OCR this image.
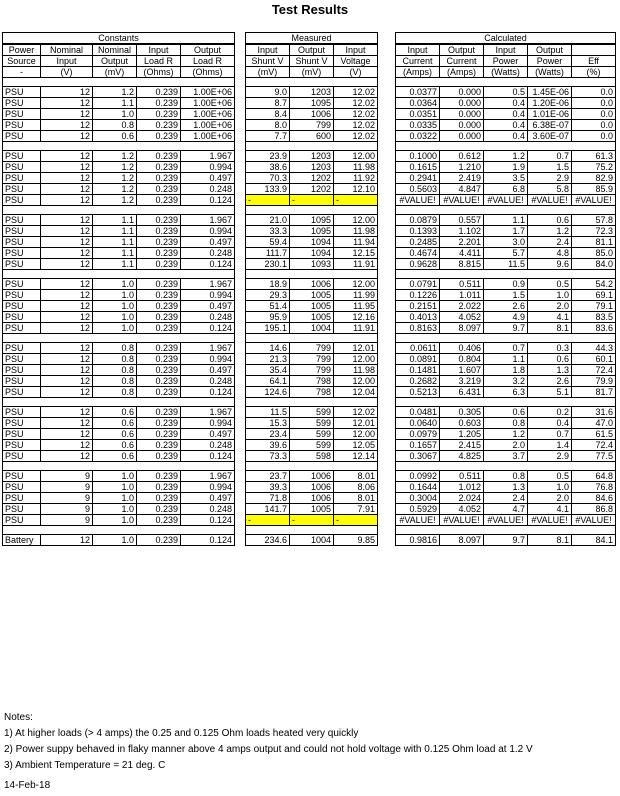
Test Results
Constants				
Power	Nominal	Nominal	Input	Output
Source	Input	Output	Load R	Load R
-	(V)	(mV)	(Ohms)	(Ohms)

PSU	12	1.2	0.239	1.00E+06
PSU	12	1.1	0.239	1.00E+06
PSU	12	1.0	0.239	1.00E+06
PSU	12	0.8	0.239	1.00E+06
PSU	12	0.6	0.239	1.00E+06

PSU	12	1.2	0.239	1.967
PSU	12	1.2	0.239	0.994
PSU	12	1.2	0.239	0.497
PSU	12	1.2	0.239	0.248
PSU	12	1.2	0.239	0.124

PSU	12	1.1	0.239	1.967
PSU	12	1.1	0.239	0.994
PSU	12	1.1	0.239	0.497
PSU	12	1.1	0.239	0.248
PSU	12	1.1	0.239	0.124

PSU	12	1.0	0.239	1.967
PSU	12	1.0	0.239	0.994
PSU	12	1.0	0.239	0.497
PSU	12	1.0	0.239	0.248
PSU	12	1.0	0.239	0.124

PSU	12	0.8	0.239	1.967
PSU	12	0.8	0.239	0.994
PSU	12	0.8	0.239	0.497
PSU	12	0.8	0.239	0.248
PSU	12	0.8	0.239	0.124

PSU	12	0.6	0.239	1.967
PSU	12	0.6	0.239	0.994
PSU	12	0.6	0.239	0.497
PSU	12	0.6	0.239	0.248
PSU	12	0.6	0.239	0.124

PSU	9	1.0	0.239	1.967
PSU	9	1.0	0.239	0.994
PSU	9	1.0	0.239	0.497
PSU	9	1.0	0.239	0.248
PSU	9	1.0	0.239	0.124

Battery	12	1.0	0.239	0.124
Measured		
Input	Output	Input
Shunt V	Shunt V	Voltage
(mV)	(mV)	(V)

9.0	1203	12.02
8.7	1095	12.02
8.4	1006	12.02
8.0	799	12.02
7.7	600	12.02

23.9	1203	12.00
38.6	1203	11.98
70.3	1202	11.92
133.9	1202	12.10
-	-	-

21.0	1095	12.00
33.3	1095	11.98
59.4	1094	11.94
111.7	1094	12.15
230.1	1093	11.91

18.9	1006	12.00
29.3	1005	11.99
51.4	1005	11.95
95.9	1005	12.16
195.1	1004	11.91

14.6	799	12.01
21.3	799	12.00
35.4	799	11.98
64.1	798	12.00
124.6	798	12.04

11.5	599	12.02
15.3	599	12.01
23.4	599	12.00
39.6	599	12.05
73.3	598	12.14

23.7	1006	8.01
39.3	1006	8.06
71.8	1006	8.01
141.7	1005	7.91
-	-	-

234.6	1004	9.85
Calculated				
Input	Output	Input	Output	
Current	Current	Power	Power	Eff
(Amps)	(Amps)	(Watts)	(Watts)	(%)

0.0377	0.000	0.5	1.45E-06	0.0
0.0364	0.000	0.4	1.20E-06	0.0
0.0351	0.000	0.4	1.01E-06	0.0
0.0335	0.000	0.4	6.38E-07	0.0
0.0322	0.000	0.4	3.60E-07	0.0

0.1000	0.612	1.2	0.7	61.3
0.1615	1.210	1.9	1.5	75.2
0.2941	2.419	3.5	2.9	82.9
0.5603	4.847	6.8	5.8	85.9
#VALUE!	#VALUE!	#VALUE!	#VALUE!	#VALUE!

0.0879	0.557	1.1	0.6	57.8
0.1393	1.102	1.7	1.2	72.3
0.2485	2.201	3.0	2.4	81.1
0.4674	4.411	5.7	4.8	85.0
0.9628	8.815	11.5	9.6	84.0

0.0791	0.511	0.9	0.5	54.2
0.1226	1.011	1.5	1.0	69.1
0.2151	2.022	2.6	2.0	79.1
0.4013	4.052	4.9	4.1	83.5
0.8163	8.097	9.7	8.1	83.6

0.0611	0.406	0.7	0.3	44.3
0.0891	0.804	1.1	0.6	60.1
0.1481	1.607	1.8	1.3	72.4
0.2682	3.219	3.2	2.6	79.9
0.5213	6.431	6.3	5.1	81.7

0.0481	0.305	0.6	0.2	31.6
0.0640	0.603	0.8	0.4	47.0
0.0979	1.205	1.2	0.7	61.5
0.1657	2.415	2.0	1.4	72.4
0.3067	4.825	3.7	2.9	77.5

0.0992	0.511	0.8	0.5	64.8
0.1644	1.012	1.3	1.0	76.8
0.3004	2.024	2.4	2.0	84.6
0.5929	4.052	4.7	4.1	86.8
#VALUE!	#VALUE!	#VALUE!	#VALUE!	#VALUE!

0.9816	8.097	9.7	8.1	84.1
Notes:
1) At higher loads (> 4 amps) the 0.25 and 0.125 Ohm loads heated very quickly
2) Power suppy behaved in flaky manner above 4 amps output and could not hold voltage with 0.125 Ohm load at 1.2 V
3) Ambient Temperature = 21 deg. C
14-Feb-18
